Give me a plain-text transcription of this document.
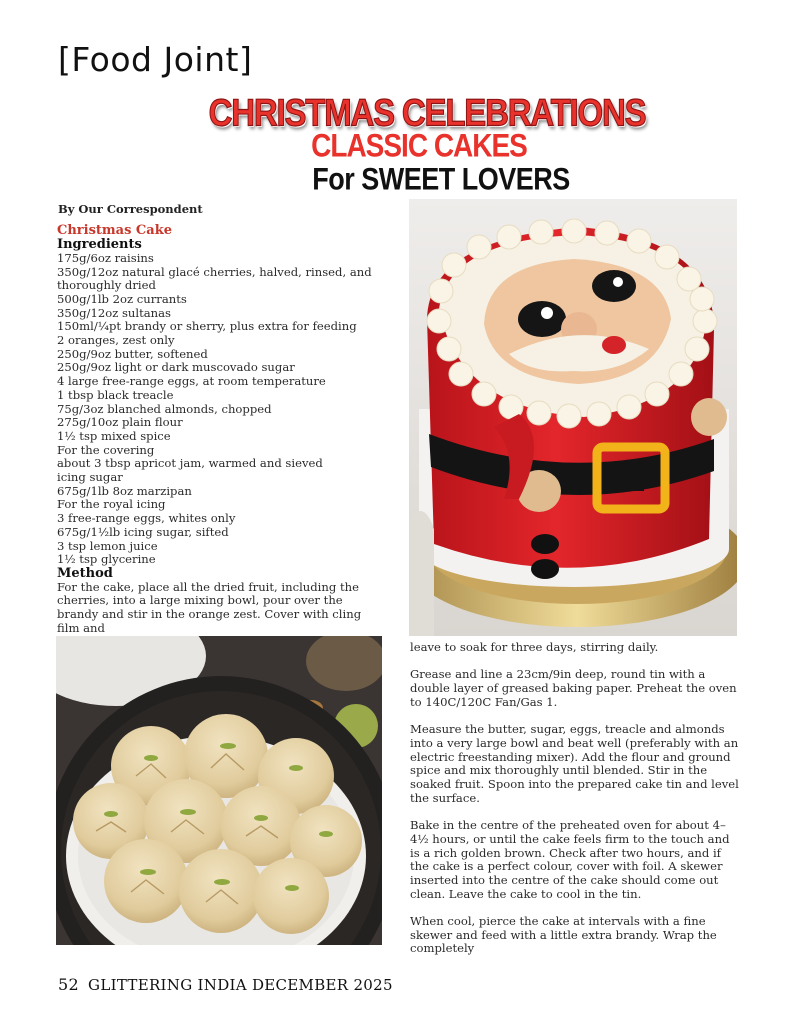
[Food Joint]
CHRISTMAS CELEBRATIONS
CLASSIC CAKES
For SWEET LOVERS
By Our Correspondent
Christmas Cake
Ingredients
175g/6oz raisins
350g/12oz natural glacé cherries, halved, rinsed, and
thoroughly dried
500g/1lb 2oz currants
350g/12oz sultanas
150ml/¼pt brandy or sherry, plus extra for feeding
2 oranges, zest only
250g/9oz butter, softened
250g/9oz light or dark muscovado sugar
4 large free-range eggs, at room temperature
1 tbsp black treacle
75g/3oz blanched almonds, chopped
275g/10oz plain flour
1½ tsp mixed spice
For the covering
about 3 tbsp apricot jam, warmed and sieved
icing sugar
675g/1lb 8oz marzipan
For the royal icing
3 free-range eggs, whites only
675g/1½lb icing sugar, sifted
3 tsp lemon juice
1½ tsp glycerine
Method
For the cake, place all the dried fruit, including the cherries, into a large mixing bowl, pour over the brandy and stir in the orange zest. Cover with cling film and

leave to soak for three days, stirring daily.

Grease and line a 23cm/9in deep, round tin with a double layer of greased baking paper. Preheat the oven to 140C/120C Fan/Gas 1.

Measure the butter, sugar, eggs, treacle and almonds into a very large bowl and beat well (preferably with an electric freestanding mixer). Add the flour and ground spice and mix thoroughly until blended. Stir in the soaked fruit. Spoon into the prepared cake tin and level the surface.

Bake in the centre of the preheated oven for about 4–4½ hours, or until the cake feels firm to the touch and is a rich golden brown. Check after two hours, and if the cake is a perfect colour, cover with foil. A skewer inserted into the centre of the cake should come out clean. Leave the cake to cool in the tin.

When cool, pierce the cake at intervals with a fine skewer and feed with a little extra brandy. Wrap the completely

52 GLITTERING INDIA DECEMBER 2025
